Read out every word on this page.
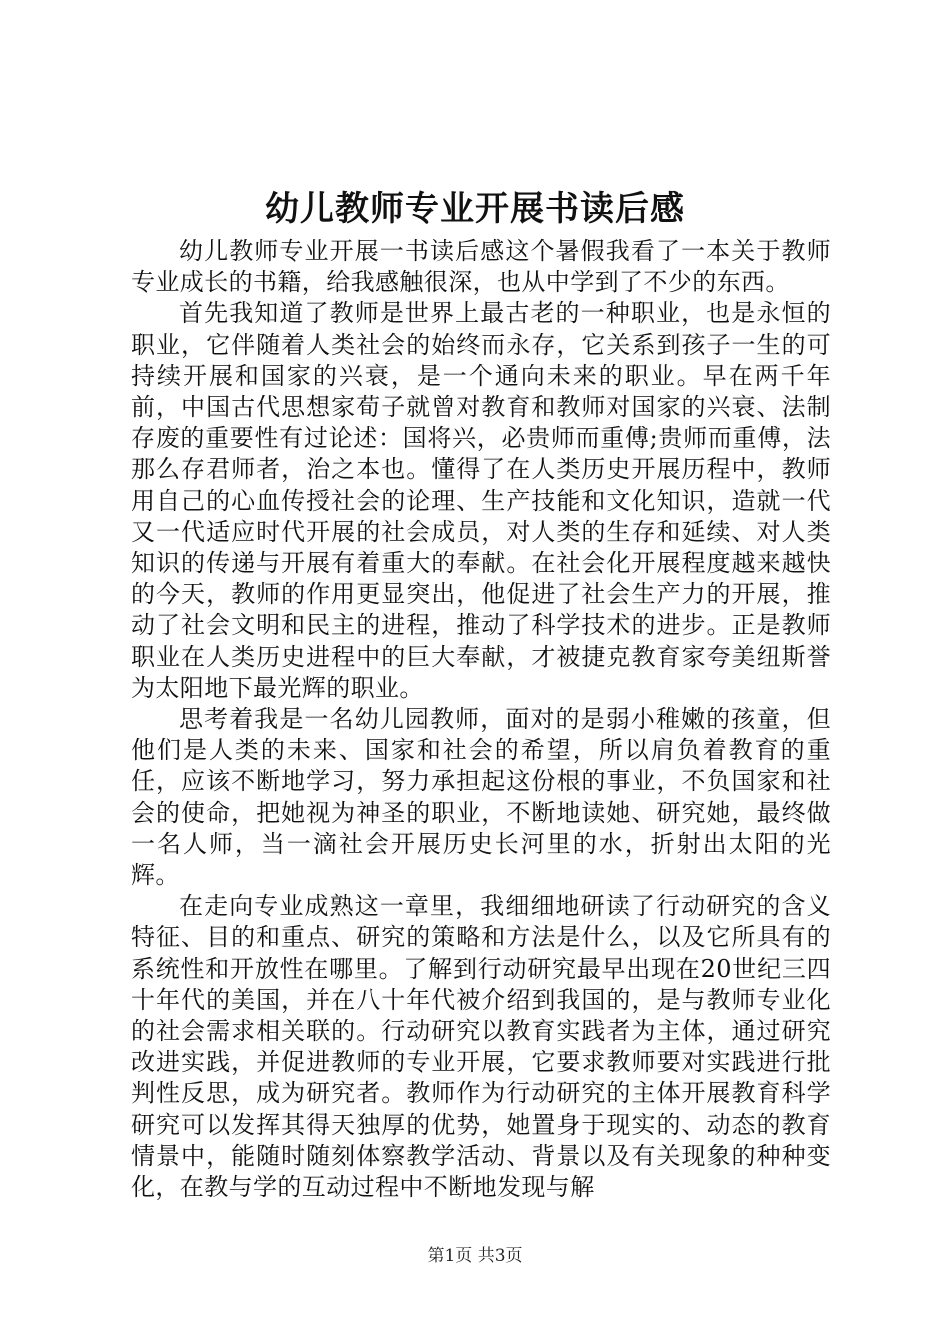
幼儿教师专业开展书读后感

幼儿教师专业开展一书读后感这个暑假我看了一本关于教师专业成长的书籍，给我感触很深，也从中学到了不少的东西。

首先我知道了教师是世界上最古老的一种职业，也是永恒的职业，它伴随着人类社会的始终而永存，它关系到孩子一生的可持续开展和国家的兴衰，是一个通向未来的职业。早在两千年前，中国古代思想家荀子就曾对教育和教师对国家的兴衰、法制存废的重要性有过论述：国将兴，必贵师而重傅;贵师而重傅，法那么存君师者，治之本也。懂得了在人类历史开展历程中，教师用自己的心血传授社会的论理、生产技能和文化知识，造就一代又一代适应时代开展的社会成员，对人类的生存和延续、对人类知识的传递与开展有着重大的奉献。在社会化开展程度越来越快的今天，教师的作用更显突出，他促进了社会生产力的开展，推动了社会文明和民主的进程，推动了科学技术的进步。正是教师职业在人类历史进程中的巨大奉献，才被捷克教育家夸美纽斯誉为太阳地下最光辉的职业。

思考着我是一名幼儿园教师，面对的是弱小稚嫩的孩童，但他们是人类的未来、国家和社会的希望，所以肩负着教育的重任，应该不断地学习，努力承担起这份根的事业，不负国家和社会的使命，把她视为神圣的职业，不断地读她、研究她，最终做一名人师，当一滴社会开展历史长河里的水，折射出太阳的光辉。

在走向专业成熟这一章里，我细细地研读了行动研究的含义特征、目的和重点、研究的策略和方法是什么，以及它所具有的系统性和开放性在哪里。了解到行动研究最早出现在20世纪三四十年代的美国，并在八十年代被介绍到我国的，是与教师专业化的社会需求相关联的。行动研究以教育实践者为主体，通过研究改进实践，并促进教师的专业开展，它要求教师要对实践进行批判性反思，成为研究者。教师作为行动研究的主体开展教育科学研究可以发挥其得天独厚的优势，她置身于现实的、动态的教育情景中，能随时随刻体察教学活动、背景以及有关现象的种种变化，在教与学的互动过程中不断地发现与解

第1页 共3页
